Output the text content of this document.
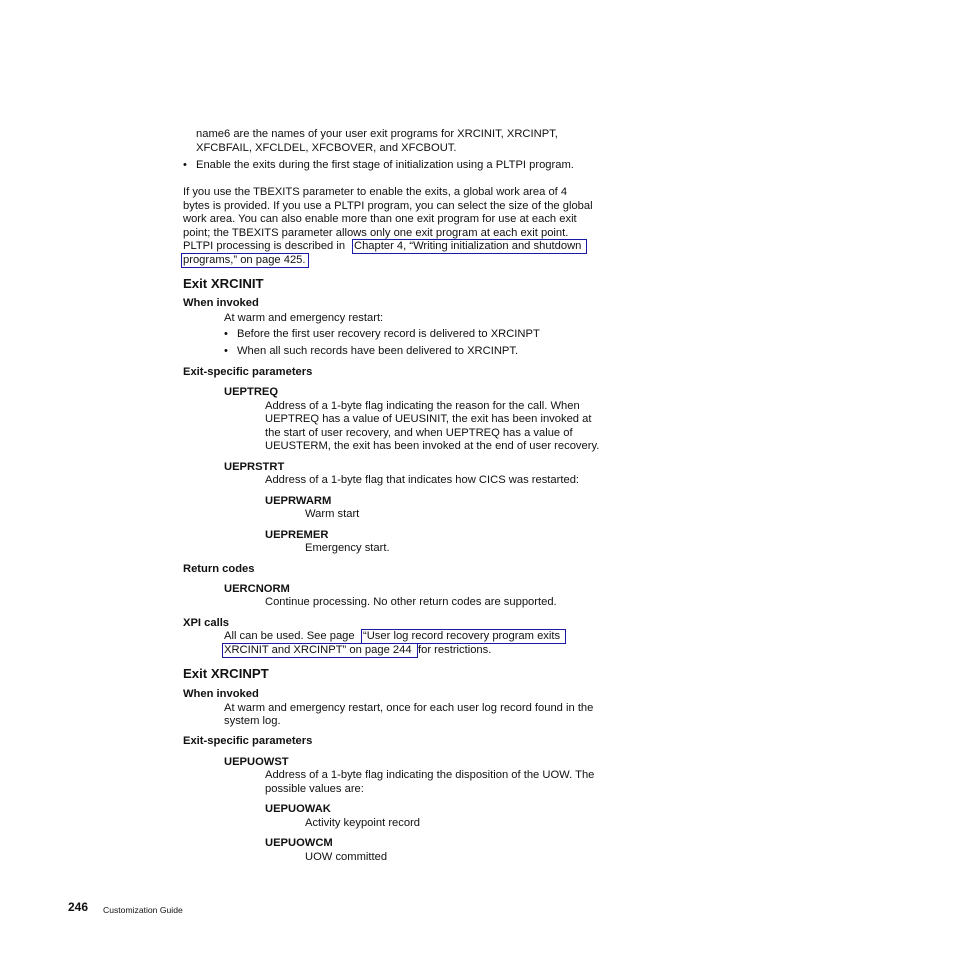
name6 are the names of your user exit programs for XRCINIT, XRCINPT,
XFCBFAIL, XFCLDEL, XFCBOVER, and XFCBOUT.
• Enable the exits during the first stage of initialization using a PLTPI program.
If you use the TBEXITS parameter to enable the exits, a global work area of 4
bytes is provided. If you use a PLTPI program, you can select the size of the global
work area. You can also enable more than one exit program for use at each exit
point; the TBEXITS parameter allows only one exit program at each exit point.
PLTPI processing is described in Chapter 4, “Writing initialization and shutdown
programs,” on page 425.
Exit XRCINIT
When invoked
At warm and emergency restart:
• Before the first user recovery record is delivered to XRCINPT
• When all such records have been delivered to XRCINPT.
Exit-specific parameters
UEPTREQ
Address of a 1-byte flag indicating the reason for the call. When
UEPTREQ has a value of UEUSINIT, the exit has been invoked at
the start of user recovery, and when UEPTREQ has a value of
UEUSTERM, the exit has been invoked at the end of user recovery.
UEPRSTRT
Address of a 1-byte flag that indicates how CICS was restarted:
UEPRWARM
Warm start
UEPREMER
Emergency start.
Return codes
UERCNORM
Continue processing. No other return codes are supported.
XPI calls
All can be used. See page “User log record recovery program exits
XRCINIT and XRCINPT” on page 244 for restrictions.
Exit XRCINPT
When invoked
At warm and emergency restart, once for each user log record found in the
system log.
Exit-specific parameters
UEPUOWST
Address of a 1-byte flag indicating the disposition of the UOW. The
possible values are:
UEPUOWAK
Activity keypoint record
UEPUOWCM
UOW committed
246 Customization Guide
